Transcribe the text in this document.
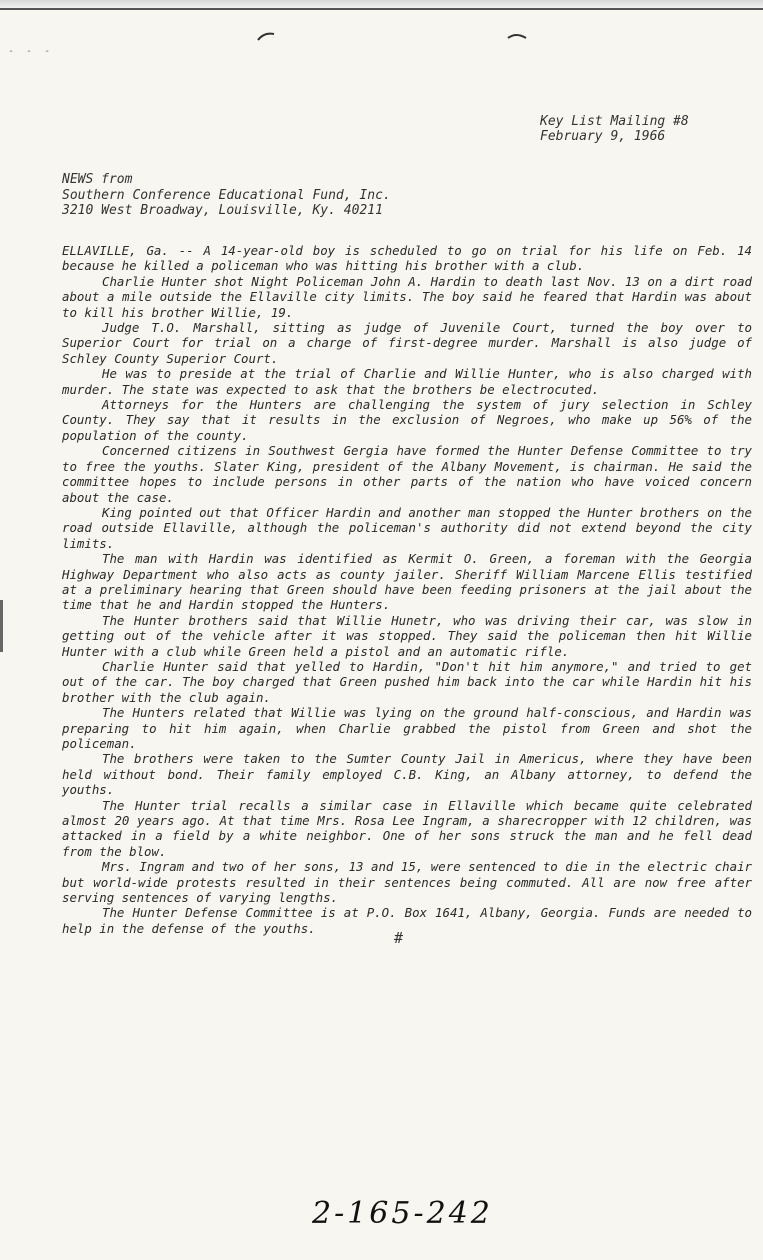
- - -
Key List Mailing #8
February 9, 1966
NEWS from
Southern Conference Educational Fund, Inc.
3210 West Broadway, Louisville, Ky. 40211

ELLAVILLE, Ga. -- A 14-year-old boy is scheduled to go on trial for his life on Feb. 14 because he killed a policeman who was hitting his brother with a club.

Charlie Hunter shot Night Policeman John A. Hardin to death last Nov. 13 on a dirt road about a mile outside the Ellaville city limits. The boy said he feared that Hardin was about to kill his brother Willie, 19.

Judge T.O. Marshall, sitting as judge of Juvenile Court, turned the boy over to Superior Court for trial on a charge of first-degree murder. Marshall is also judge of Schley County Superior Court.

He was to preside at the trial of Charlie and Willie Hunter, who is also charged with murder. The state was expected to ask that the brothers be electrocuted.

Attorneys for the Hunters are challenging the system of jury selection in Schley County. They say that it results in the exclusion of Negroes, who make up 56% of the population of the county.

Concerned citizens in Southwest Gergia have formed the Hunter Defense Committee to try to free the youths. Slater King, president of the Albany Movement, is chairman. He said the committee hopes to include persons in other parts of the nation who have voiced concern about the case.

King pointed out that Officer Hardin and another man stopped the Hunter brothers on the road outside Ellaville, although the policeman's authority did not extend beyond the city limits.

The man with Hardin was identified as Kermit O. Green, a foreman with the Georgia Highway Department who also acts as county jailer. Sheriff William Marcene Ellis testified at a preliminary hearing that Green should have been feeding prisoners at the jail about the time that he and Hardin stopped the Hunters.

The Hunter brothers said that Willie Hunetr, who was driving their car, was slow in getting out of the vehicle after it was stopped. They said the policeman then hit Willie Hunter with a club while Green held a pistol and an automatic rifle.

Charlie Hunter said that yelled to Hardin, "Don't hit him anymore," and tried to get out of the car. The boy charged that Green pushed him back into the car while Hardin hit his brother with the club again.

The Hunters related that Willie was lying on the ground half-conscious, and Hardin was preparing to hit him again, when Charlie grabbed the pistol from Green and shot the policeman.

The brothers were taken to the Sumter County Jail in Americus, where they have been held without bond. Their family employed C.B. King, an Albany attorney, to defend the youths.

The Hunter trial recalls a similar case in Ellaville which became quite celebrated almost 20 years ago. At that time Mrs. Rosa Lee Ingram, a sharecropper with 12 children, was attacked in a field by a white neighbor. One of her sons struck the man and he fell dead from the blow.

Mrs. Ingram and two of her sons, 13 and 15, were sentenced to die in the electric chair but world-wide protests resulted in their sentences being commuted. All are now free after serving sentences of varying lengths.

The Hunter Defense Committee is at P.O. Box 1641, Albany, Georgia. Funds are needed to help in the defense of the youths.

#
2-165-242
